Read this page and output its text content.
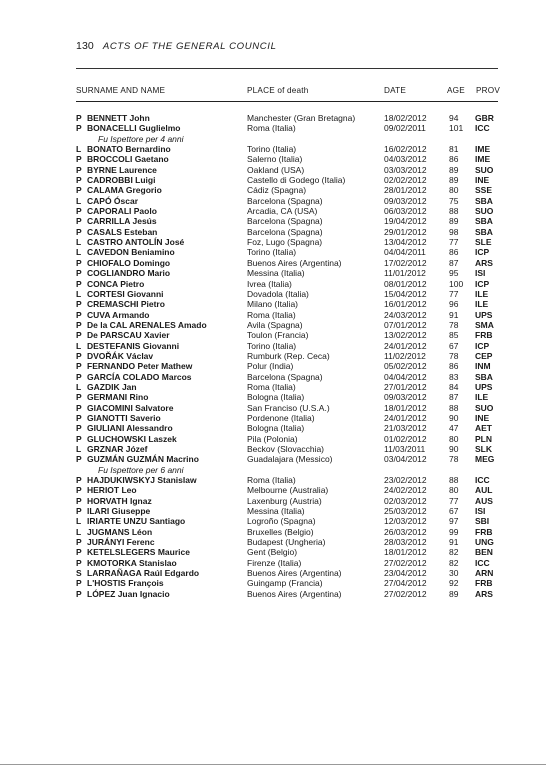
130 ACTS OF THE GENERAL COUNCIL
SURNAME AND NAME	PLACE of death	DATE	AGE PROV
P BENNETT John	Manchester (Gran Bretagna)	18/02/2012	94	GBR
P BONACELLI Guglielmo	Roma (Italia)	09/02/2011	101	ICC
Fu Ispettore per 4 anni
L BONATO Bernardino	Torino (Italia)	16/02/2012	81	IME
P BROCCOLI Gaetano	Salerno (Italia)	04/03/2012	86	IME
P BYRNE Laurence	Oakland (USA)	03/03/2012	89	SUO
P CADROBBI Luigi	Castello di Godego (Italia)	02/02/2012	89	INE
P CALAMA Gregorio	Cádiz (Spagna)	28/01/2012	80	SSE
L CAPÓ Óscar	Barcelona (Spagna)	09/03/2012	75	SBA
P CAPORALI Paolo	Arcadia, CA (USA)	06/03/2012	88	SUO
P CARRILLA Jesús	Barcelona (Spagna)	19/04/2012	89	SBA
P CASALS Esteban	Barcelona (Spagna)	29/01/2012	98	SBA
L CASTRO ANTOLÍN José	Foz, Lugo (Spagna)	13/04/2012	77	SLE
L CAVEDON Beniamino	Torino (Italia)	04/04/2011	86	ICP
P CHIOFALO Domingo	Buenos Aires (Argentina)	17/02/2012	87	ARS
P COGLIANDRO Mario	Messina (Italia)	11/01/2012	95	ISI
P CONCA Pietro	Ivrea (Italia)	08/01/2012	100	ICP
L CORTESI Giovanni	Dovadola (Italia)	15/04/2012	77	ILE
P CREMASCHI Pietro	Milano (Italia)	16/01/2012	96	ILE
P CUVA Armando	Roma (Italia)	24/03/2012	91	UPS
P De la CAL ARENALES Amado	Avila (Spagna)	07/01/2012	78	SMA
P De PARSCAU Xavier	Toulon (Francia)	13/02/2012	85	FRB
L DESTEFANIS Giovanni	Torino (Italia)	24/01/2012	67	ICP
P DVOŘÁK Václav	Rumburk (Rep. Ceca)	11/02/2012	78	CEP
P FERNANDO Peter Mathew	Polur (India)	05/02/2012	86	INM
P GARCÍA COLADO Marcos	Barcelona (Spagna)	04/04/2012	83	SBA
L GAZDIK Jan	Roma (Italia)	27/01/2012	84	UPS
P GERMANI Rino	Bologna (Italia)	09/03/2012	87	ILE
P GIACOMINI Salvatore	San Franciso (U.S.A.)	18/01/2012	88	SUO
P GIANOTTI Saverio	Pordenone (Italia)	24/01/2012	90	INE
P GIULIANI Alessandro	Bologna (Italia)	21/03/2012	47	AET
P GLUCHOWSKI Laszek	Pila (Polonia)	01/02/2012	80	PLN
L GRZNAR Józef	Beckov (Slovacchia)	11/03/2011	90	SLK
P GUZMÁN GUZMÁN Macrino	Guadalajara (Messico)	03/04/2012	78	MEG
Fu Ispettore per 6 anni
P HAJDUKIWSKYJ Stanislaw	Roma (Italia)	23/02/2012	88	ICC
P HERIOT Leo	Melbourne (Australia)	24/02/2012	80	AUL
P HORVATH Ignaz	Laxenburg (Austria)	02/03/2012	77	AUS
P ILARI Giuseppe	Messina (Italia)	25/03/2012	67	ISI
L IRIARTE UNZU Santiago	Logroño (Spagna)	12/03/2012	97	SBI
L JUGMANS Léon	Bruxelles (Belgio)	26/03/2012	99	FRB
P JURÁNYI Ferenc	Budapest (Ungheria)	28/03/2012	91	UNG
P KETELSLEGERS Maurice	Gent (Belgio)	18/01/2012	82	BEN
P KMOTORKA Stanislao	Firenze (Italia)	27/02/2012	82	ICC
S LARRAÑAGA Raúl Edgardo	Buenos Aires (Argentina)	23/04/2012	30	ARN
P L'HOSTIS François	Guingamp (Francia)	27/04/2012	92	FRB
P LÓPEZ Juan Ignacio	Buenos Aires (Argentina)	27/02/2012	89	ARS
